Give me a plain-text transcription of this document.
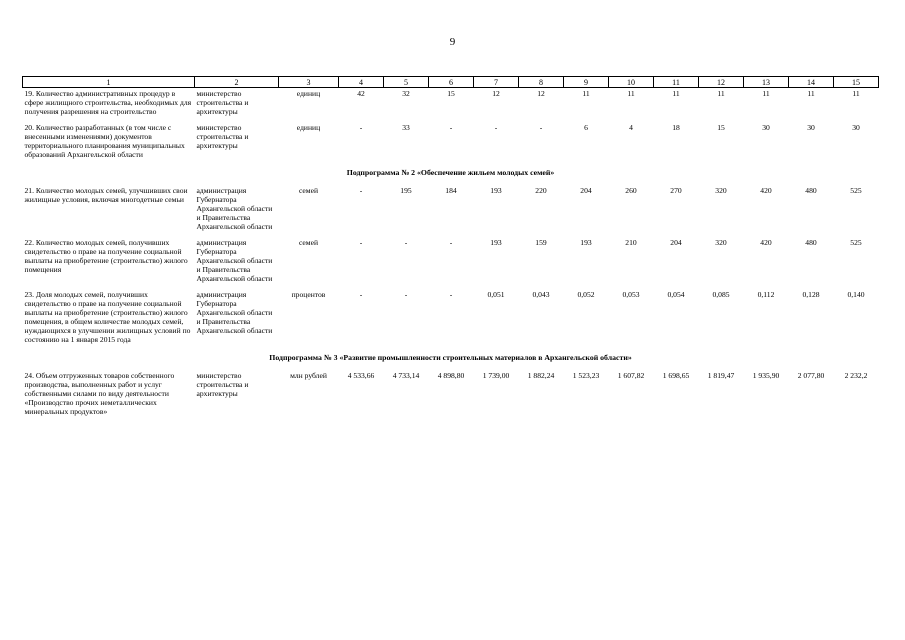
9
1	2	3	4	5	6	7	8	9	10	11	12	13	14	15
19. Количество административных процедур в сфере жилищного строительства, необходимых для получения разрешения на строительство	министерство строительства и архитектуры	единиц	42	32	15	12	12	11	11	11	11	11	11	11
20. Количество разработанных (в том числе с внесенными изменениями) документов территориального планирования муниципальных образований Архангельской области	министерство строительства и архитектуры	единиц	-	33	-	-	-	6	4	18	15	30	30	30
Подпрограмма № 2 «Обеспечение жильем молодых семей»														
21. Количество молодых семей, улучшивших свои жилищные условия, включая многодетные семьи	администрация Губернатора Архангельской области и Правительства Архангельской области	семей	-	195	184	193	220	204	260	270	320	420	480	525
22. Количество молодых семей, получивших свидетельство о праве на получение социальной выплаты на приобретение (строительство) жилого помещения	администрация Губернатора Архангельской области и Правительства Архангельской области	семей	-	-	-	193	159	193	210	204	320	420	480	525
23. Доля молодых семей, получивших свидетельство о праве на получение социальной выплаты на приобретение (строительство) жилого помещения, в общем количестве молодых семей, нуждающихся в улучшении жилищных условий по состоянию на 1 января 2015 года	администрация Губернатора Архангельской области и Правительства Архангельской области	процентов	-	-	-	0,051	0,043	0,052	0,053	0,054	0,085	0,112	0,128	0,140
Подпрограмма № 3 «Развитие промышленности строительных материалов в Архангельской области»														
24. Объем отгруженных товаров собственного производства, выполненных работ и услуг собственными силами по виду деятельности «Производство прочих неметаллических минеральных продуктов»	министерство строительства и архитектуры	млн рублей	4 533,66	4 733,14	4 898,80	1 739,00	1 882,24	1 523,23	1 607,82	1 698,65	1 819,47	1 935,90	2 077,80	2 232,2
